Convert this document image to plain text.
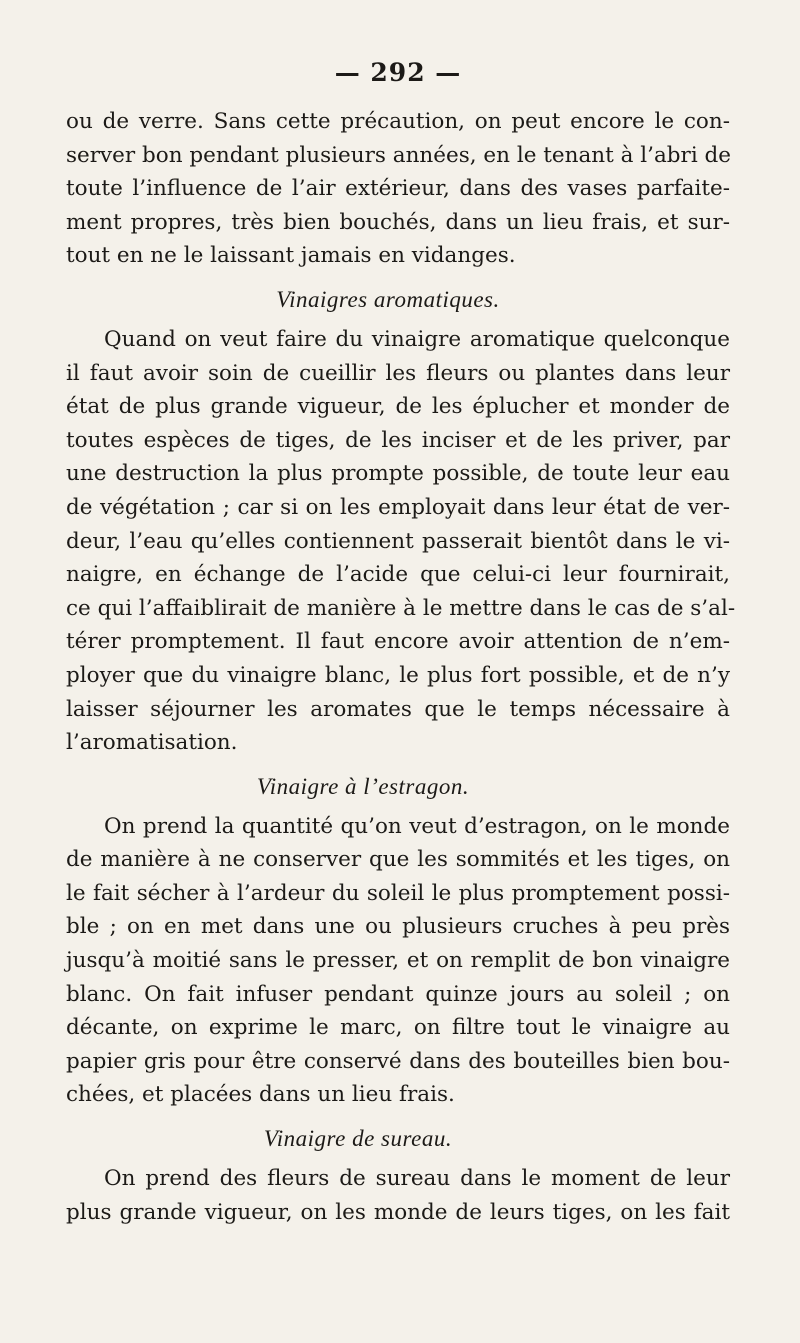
— 292 —
ou de verre. Sans cette précaution, on peut encore le con-
server bon pendant plusieurs années, en le tenant à l’abri de
toute l’influence de l’air extérieur, dans des vases parfaite-
ment propres, très bien bouchés, dans un lieu frais, et sur-
tout en ne le laissant jamais en vidanges.
Vinaigres aromatiques.
Quand on veut faire du vinaigre aromatique quelconque
il faut avoir soin de cueillir les fleurs ou plantes dans leur
état de plus grande vigueur, de les éplucher et monder de
toutes espèces de tiges, de les inciser et de les priver, par
une destruction la plus prompte possible, de toute leur eau
de végétation ; car si on les employait dans leur état de ver-
deur, l’eau qu’elles contiennent passerait bientôt dans le vi-
naigre, en échange de l’acide que celui-ci leur fournirait,
ce qui l’affaiblirait de manière à le mettre dans le cas de s’al-
térer promptement. Il faut encore avoir attention de n’em-
ployer que du vinaigre blanc, le plus fort possible, et de n’y
laisser séjourner les aromates que le temps nécessaire à
l’aromatisation.
Vinaigre à l’estragon.
On prend la quantité qu’on veut d’estragon, on le monde
de manière à ne conserver que les sommités et les tiges, on
le fait sécher à l’ardeur du soleil le plus promptement possi-
ble ; on en met dans une ou plusieurs cruches à peu près
jusqu’à moitié sans le presser, et on remplit de bon vinaigre
blanc. On fait infuser pendant quinze jours au soleil ; on
décante, on exprime le marc, on filtre tout le vinaigre au
papier gris pour être conservé dans des bouteilles bien bou-
chées, et placées dans un lieu frais.
Vinaigre de sureau.
On prend des fleurs de sureau dans le moment de leur
plus grande vigueur, on les monde de leurs tiges, on les fait
